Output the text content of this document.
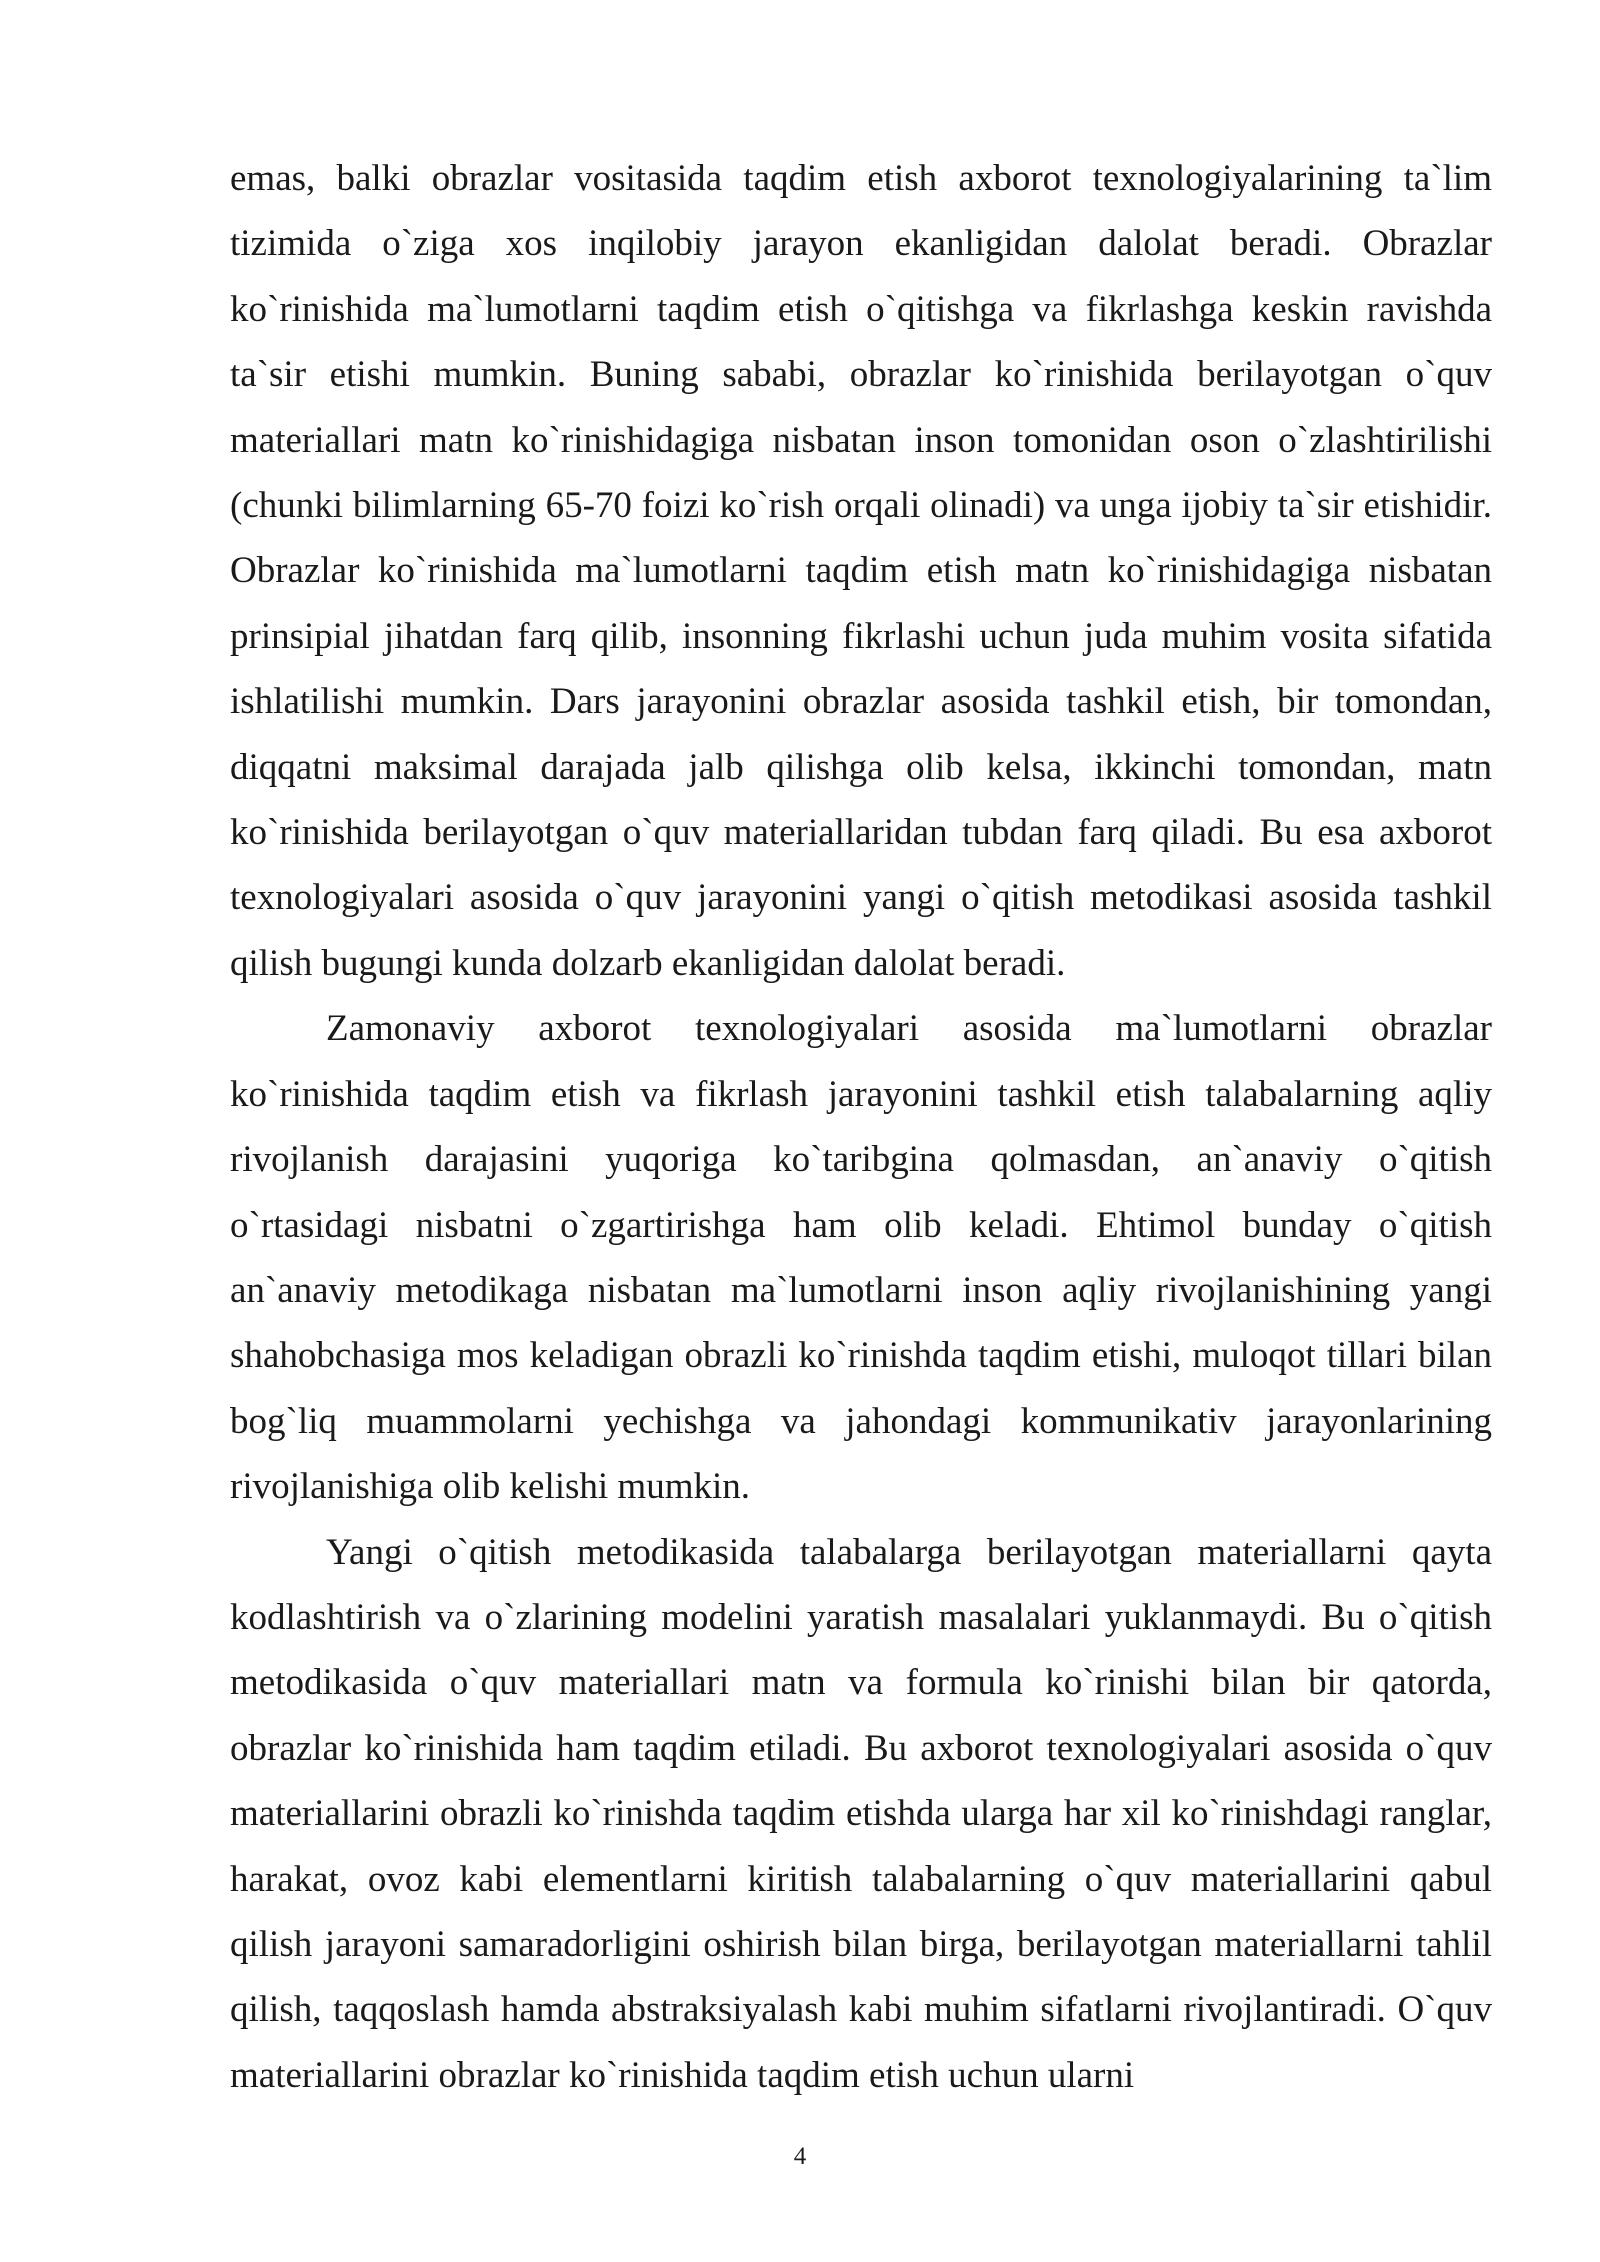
emas, balki obrazlar vositasida taqdim etish axborot texnologiyalarining ta`lim tizimida o`ziga xos inqilobiy jarayon ekanligidan dalolat beradi. Obrazlar ko`rinishida ma`lumotlarni taqdim etish o`qitishga va fikrlashga keskin ravishda ta`sir etishi mumkin. Buning sababi, obrazlar ko`rinishida berilayotgan o`quv materiallari matn ko`rinishidagiga nisbatan inson tomonidan oson o`zlashtirilishi (chunki bilimlarning 65-70 foizi ko`rish orqali olinadi) va unga ijobiy ta`sir etishidir. Obrazlar ko`rinishida ma`lumotlarni taqdim etish matn ko`rinishidagiga nisbatan prinsipial jihatdan farq qilib, insonning fikrlashi uchun juda muhim vosita sifatida ishlatilishi mumkin. Dars jarayonini obrazlar asosida tashkil etish, bir tomondan, diqqatni maksimal darajada jalb qilishga olib kelsa, ikkinchi tomondan, matn ko`rinishida berilayotgan o`quv materiallaridan tubdan farq qiladi. Bu esa axborot texnologiyalari asosida o`quv jarayonini yangi o`qitish metodikasi asosida tashkil qilish bugungi kunda dolzarb ekanligidan dalolat beradi.

Zamonaviy axborot texnologiyalari asosida ma`lumotlarni obrazlar ko`rinishida taqdim etish va fikrlash jarayonini tashkil etish talabalarning aqliy rivojlanish darajasini yuqoriga ko`taribgina qolmasdan, an`anaviy o`qitish o`rtasidagi nisbatni o`zgartirishga ham olib keladi. Ehtimol bunday o`qitish an`anaviy metodikaga nisbatan ma`lumotlarni inson aqliy rivojlanishining yangi shahobchasiga mos keladigan obrazli ko`rinishda taqdim etishi, muloqot tillari bilan bog`liq muammolarni yechishga va jahondagi kommunikativ jarayonlarining rivojlanishiga olib kelishi mumkin.

Yangi o`qitish metodikasida talabalarga berilayotgan materiallarni qayta kodlashtirish va o`zlarining modelini yaratish masalalari yuklanmaydi. Bu o`qitish metodikasida o`quv materiallari matn va formula ko`rinishi bilan bir qatorda, obrazlar ko`rinishida ham taqdim etiladi. Bu axborot texnologiyalari asosida o`quv materiallarini obrazli ko`rinishda taqdim etishda ularga har xil ko`rinishdagi ranglar, harakat, ovoz kabi elementlarni kiritish talabalarning o`quv materiallarini qabul qilish jarayoni samaradorligini oshirish bilan birga, berilayotgan materiallarni tahlil qilish, taqqoslash hamda abstraksiyalash kabi muhim sifatlarni rivojlantiradi. O`quv materiallarini obrazlar ko`rinishida taqdim etish uchun ularni

4
